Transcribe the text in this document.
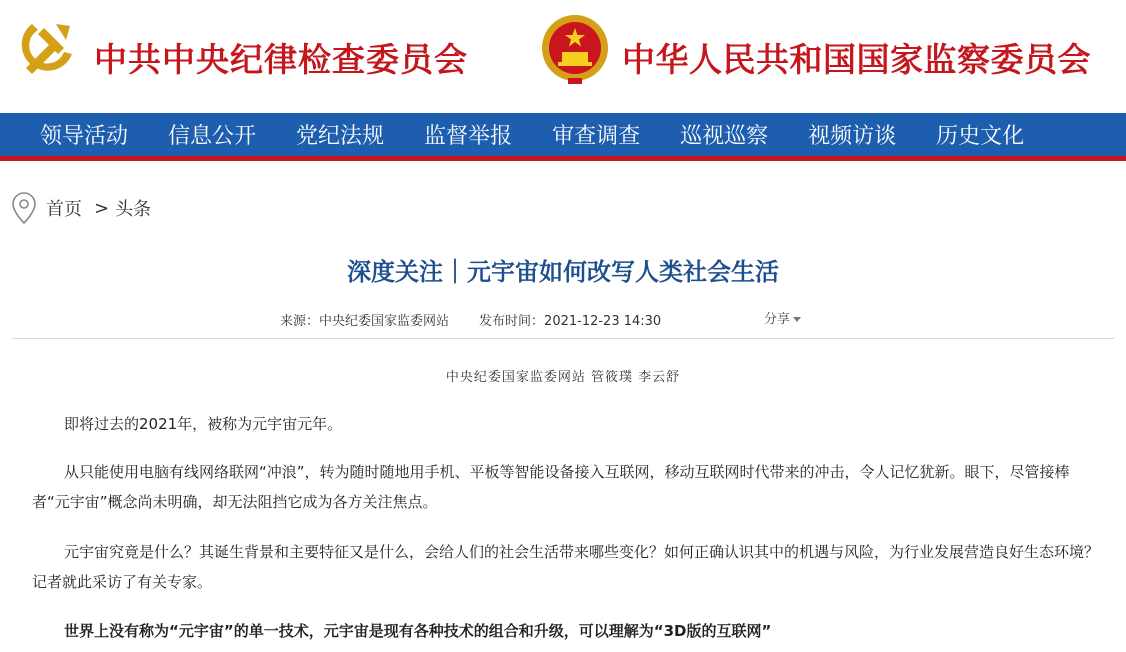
中共中央纪律检查委员会	中华人民共和国国家监察委员会
领导活动 信息公开 党纪法规 监督举报 审查调查 巡视巡察 视频访谈 历史文化
首页 > 头条
深度关注｜元宇宙如何改写人类社会生活
来源：中央纪委国家监委网站 发布时间：2021-12-23 14:30	分享
中央纪委国家监委网站 管筱璞 李云舒

即将过去的2021年，被称为元宇宙元年。

从只能使用电脑有线网络联网“冲浪”，转为随时随地用手机、平板等智能设备接入互联网，移动互联网时代带来的冲击，令人记忆犹新。眼下，尽管接棒者“元宇宙”概念尚未明确，却无法阻挡它成为各方关注焦点。

元宇宙究竟是什么？其诞生背景和主要特征又是什么，会给人们的社会生活带来哪些变化？如何正确认识其中的机遇与风险，为行业发展营造良好生态环境？记者就此采访了有关专家。

世界上没有称为“元宇宙”的单一技术，元宇宙是现有各种技术的组合和升级，可以理解为“3D版的互联网”
